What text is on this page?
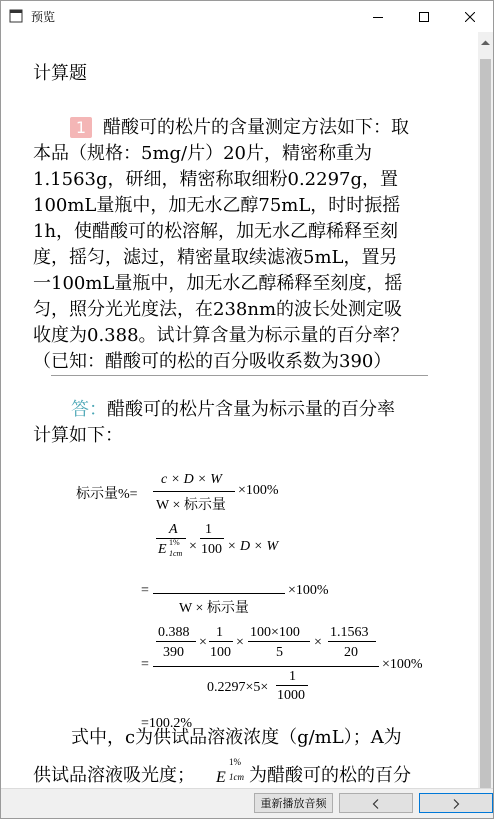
预览
计算题
1 醋酸可的松片的含量测定方法如下：取
本品（规格：5mg/片）20片，精密称重为
1.1563g，研细，精密称取细粉0.2297g，置
100mL量瓶中，加无水乙醇75mL，时时振摇
1h，使醋酸可的松溶解，加无水乙醇稀释至刻
度，摇匀，滤过，精密量取续滤液5mL，置另
一100mL量瓶中，加无水乙醇稀释至刻度，摇
匀，照分光光度法，在238nm的波长处测定吸
收度为0.388。试计算含量为标示量的百分率？
（已知：醋酸可的松的百分吸收系数为390）
答：醋酸可的松片含量为标示量的百分率
计算如下：
标示量%=
c × D × W
W × 标示量
×100%
A
E 1%
1cm ×
1
100 × D × W
=
W × 标示量
×100%
0.388
390
×
1
100
×
100×100
5
×
1.1563
20
=	×100%
0.2297×5×
1
1000
=100.2%
式中，c为供试品溶液浓度（g/mL）；A为
供试品溶液吸光度； E
1%
1cm 为醋酸可的松的百分
重新播放音频
